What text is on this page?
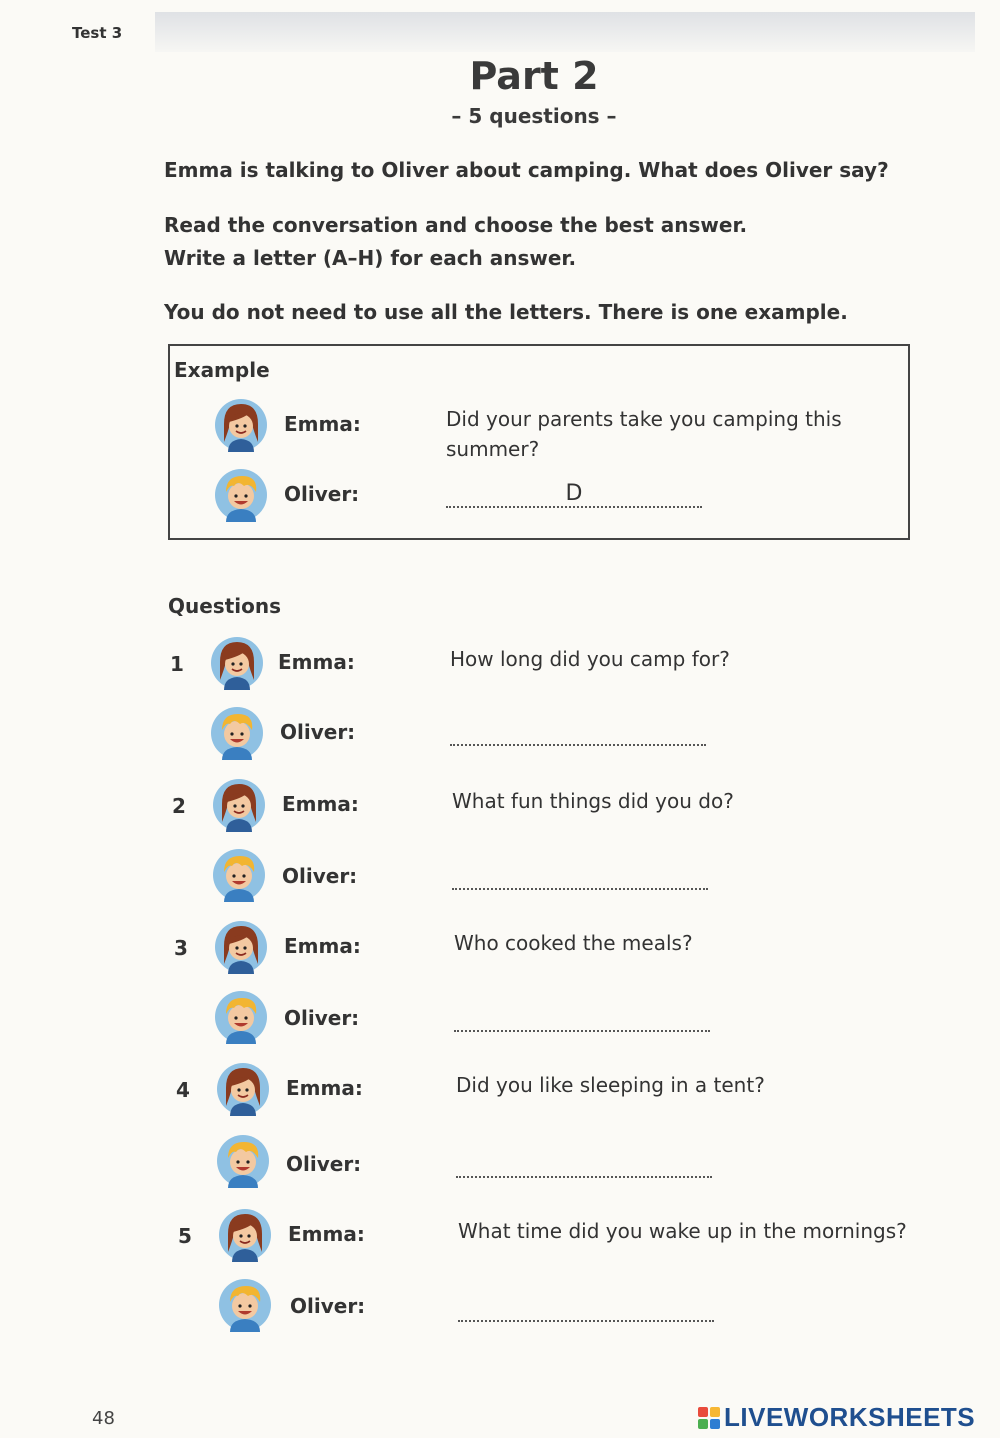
Test 3
Part 2
– 5 questions –
Emma is talking to Oliver about camping. What does Oliver say?
Read the conversation and choose the best answer.
Write a letter (A–H) for each answer.
You do not need to use all the letters. There is one example.
Example
Emma:	Did your parents take you camping this
summer?
Oliver:	D
Questions
1	Emma:	How long did you camp for?
Oliver:
2	Emma:	What fun things did you do?
Oliver:
3	Emma:	Who cooked the meals?
Oliver:
4	Emma:	Did you like sleeping in a tent?
Oliver:
5	Emma:	What time did you wake up in the mornings?
Oliver:
48	LIVEWORKSHEETS
